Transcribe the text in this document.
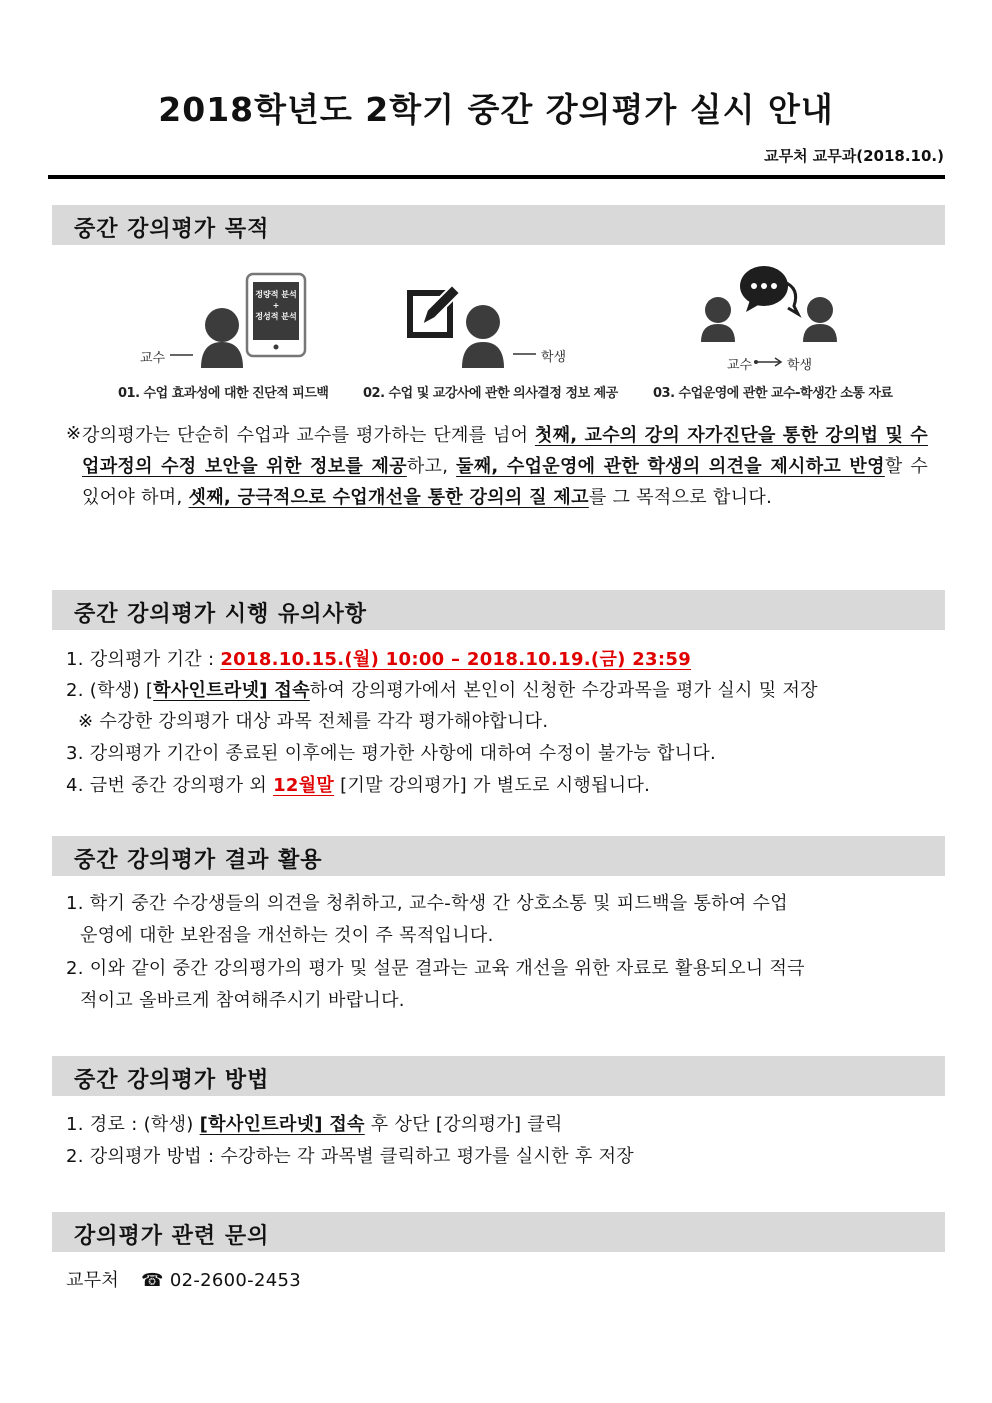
2018학년도 2학기 중간 강의평가 실시 안내
교무처 교무과(2018.10.)
중간 강의평가 목적
교수
정량적 분석
+
정성적 분석
01. 수업 효과성에 대한 진단적 피드백
학생
02. 수업 및 교강사에 관한 의사결정 정보 제공
교수	학생
03. 수업운영에 관한 교수-학생간 소통 자료
※ 강의평가는 단순히 수업과 교수를 평가하는 단계를 넘어 첫째, 교수의 강의 자가진단을 통한 강의법 및 수업과정의 수정 보안을 위한 정보를 제공하고, 둘째, 수업운영에 관한 학생의 의견을 제시하고 반영할 수 있어야 하며, 셋째, 긍극적으로 수업개선을 통한 강의의 질 제고를 그 목적으로 합니다.
중간 강의평가 시행 유의사항
1. 강의평가 기간 : 2018.10.15.(월) 10:00 – 2018.10.19.(금) 23:59
2. (학생) [학사인트라넷] 접속하여 강의평가에서 본인이 신청한 수강과목을 평가 실시 및 저장
※ 수강한 강의평가 대상 과목 전체를 각각 평가해야합니다.
3. 강의평가 기간이 종료된 이후에는 평가한 사항에 대하여 수정이 불가능 합니다.
4. 금번 중간 강의평가 외 12월말 [기말 강의평가] 가 별도로 시행됩니다.
중간 강의평가 결과 활용
1. 학기 중간 수강생들의 의견을 청취하고, 교수-학생 간 상호소통 및 피드백을 통하여 수업
운영에 대한 보완점을 개선하는 것이 주 목적입니다.
2. 이와 같이 중간 강의평가의 평가 및 설문 결과는 교육 개선을 위한 자료로 활용되오니 적극
적이고 올바르게 참여해주시기 바랍니다.
중간 강의평가 방법
1. 경로 : (학생) [학사인트라넷] 접속 후 상단 [강의평가] 클릭
2. 강의평가 방법 : 수강하는 각 과목별 클릭하고 평가를 실시한 후 저장
강의평가 관련 문의
교무처 ☎ 02-2600-2453
